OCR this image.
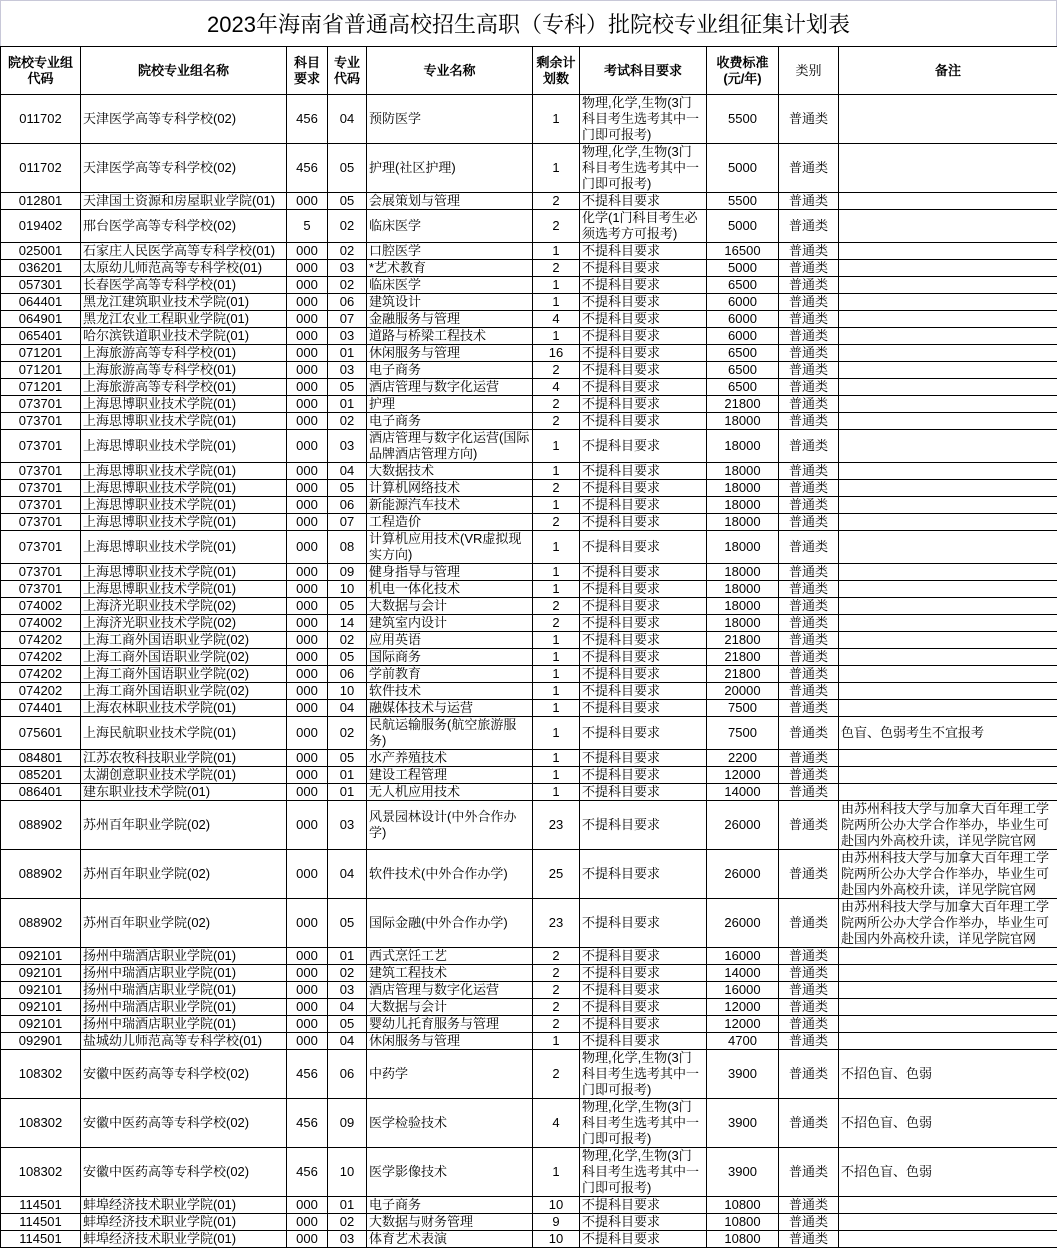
2023年海南省普通高校招生高职（专科）批院校专业组征集计划表
院校专业组代码	院校专业组名称	科目要求	专业代码	专业名称	剩余计划数	考试科目要求	收费标准(元/年)	类别	备注
011702	天津医学高等专科学校(02)	456	04	预防医学	1	物理,化学,生物(3门科目考生选考其中一门即可报考)	5500	普通类	
011702	天津医学高等专科学校(02)	456	05	护理(社区护理)	1	物理,化学,生物(3门科目考生选考其中一门即可报考)	5000	普通类	
012801	天津国土资源和房屋职业学院(01)	000	05	会展策划与管理	2	不提科目要求	5500	普通类	
019402	邢台医学高等专科学校(02)	5	02	临床医学	2	化学(1门科目考生必须选考方可报考)	5000	普通类	
025001	石家庄人民医学高等专科学校(01)	000	02	口腔医学	1	不提科目要求	16500	普通类	
036201	太原幼儿师范高等专科学校(01)	000	03	*艺术教育	2	不提科目要求	5000	普通类	
057301	长春医学高等专科学校(01)	000	02	临床医学	1	不提科目要求	6500	普通类	
064401	黑龙江建筑职业技术学院(01)	000	06	建筑设计	1	不提科目要求	6000	普通类	
064901	黑龙江农业工程职业学院(01)	000	07	金融服务与管理	4	不提科目要求	6000	普通类	
065401	哈尔滨铁道职业技术学院(01)	000	03	道路与桥梁工程技术	1	不提科目要求	6000	普通类	
071201	上海旅游高等专科学校(01)	000	01	休闲服务与管理	16	不提科目要求	6500	普通类	
071201	上海旅游高等专科学校(01)	000	03	电子商务	2	不提科目要求	6500	普通类	
071201	上海旅游高等专科学校(01)	000	05	酒店管理与数字化运营	4	不提科目要求	6500	普通类	
073701	上海思博职业技术学院(01)	000	01	护理	2	不提科目要求	21800	普通类	
073701	上海思博职业技术学院(01)	000	02	电子商务	2	不提科目要求	18000	普通类	
073701	上海思博职业技术学院(01)	000	03	酒店管理与数字化运营(国际品牌酒店管理方向)	1	不提科目要求	18000	普通类	
073701	上海思博职业技术学院(01)	000	04	大数据技术	1	不提科目要求	18000	普通类	
073701	上海思博职业技术学院(01)	000	05	计算机网络技术	2	不提科目要求	18000	普通类	
073701	上海思博职业技术学院(01)	000	06	新能源汽车技术	1	不提科目要求	18000	普通类	
073701	上海思博职业技术学院(01)	000	07	工程造价	2	不提科目要求	18000	普通类	
073701	上海思博职业技术学院(01)	000	08	计算机应用技术(VR虚拟现实方向)	1	不提科目要求	18000	普通类	
073701	上海思博职业技术学院(01)	000	09	健身指导与管理	1	不提科目要求	18000	普通类	
073701	上海思博职业技术学院(01)	000	10	机电一体化技术	1	不提科目要求	18000	普通类	
074002	上海济光职业技术学院(02)	000	05	大数据与会计	2	不提科目要求	18000	普通类	
074002	上海济光职业技术学院(02)	000	14	建筑室内设计	2	不提科目要求	18000	普通类	
074202	上海工商外国语职业学院(02)	000	02	应用英语	1	不提科目要求	21800	普通类	
074202	上海工商外国语职业学院(02)	000	05	国际商务	1	不提科目要求	21800	普通类	
074202	上海工商外国语职业学院(02)	000	06	学前教育	1	不提科目要求	21800	普通类	
074202	上海工商外国语职业学院(02)	000	10	软件技术	1	不提科目要求	20000	普通类	
074401	上海农林职业技术学院(01)	000	04	融媒体技术与运营	1	不提科目要求	7500	普通类	
075601	上海民航职业技术学院(01)	000	02	民航运输服务(航空旅游服务)	1	不提科目要求	7500	普通类	色盲、色弱考生不宜报考
084801	江苏农牧科技职业学院(01)	000	05	水产养殖技术	1	不提科目要求	2200	普通类	
085201	太湖创意职业技术学院(01)	000	01	建设工程管理	1	不提科目要求	12000	普通类	
086401	建东职业技术学院(01)	000	01	无人机应用技术	1	不提科目要求	14000	普通类	
088902	苏州百年职业学院(02)	000	03	风景园林设计(中外合作办学)	23	不提科目要求	26000	普通类	由苏州科技大学与加拿大百年理工学院两所公办大学合作举办，毕业生可赴国内外高校升读，详见学院官网
088902	苏州百年职业学院(02)	000	04	软件技术(中外合作办学)	25	不提科目要求	26000	普通类	由苏州科技大学与加拿大百年理工学院两所公办大学合作举办，毕业生可赴国内外高校升读，详见学院官网
088902	苏州百年职业学院(02)	000	05	国际金融(中外合作办学)	23	不提科目要求	26000	普通类	由苏州科技大学与加拿大百年理工学院两所公办大学合作举办，毕业生可赴国内外高校升读，详见学院官网
092101	扬州中瑞酒店职业学院(01)	000	01	西式烹饪工艺	2	不提科目要求	16000	普通类	
092101	扬州中瑞酒店职业学院(01)	000	02	建筑工程技术	2	不提科目要求	14000	普通类	
092101	扬州中瑞酒店职业学院(01)	000	03	酒店管理与数字化运营	2	不提科目要求	16000	普通类	
092101	扬州中瑞酒店职业学院(01)	000	04	大数据与会计	2	不提科目要求	12000	普通类	
092101	扬州中瑞酒店职业学院(01)	000	05	婴幼儿托育服务与管理	2	不提科目要求	12000	普通类	
092901	盐城幼儿师范高等专科学校(01)	000	04	休闲服务与管理	1	不提科目要求	4700	普通类	
108302	安徽中医药高等专科学校(02)	456	06	中药学	2	物理,化学,生物(3门科目考生选考其中一门即可报考)	3900	普通类	不招色盲、色弱
108302	安徽中医药高等专科学校(02)	456	09	医学检验技术	4	物理,化学,生物(3门科目考生选考其中一门即可报考)	3900	普通类	不招色盲、色弱
108302	安徽中医药高等专科学校(02)	456	10	医学影像技术	1	物理,化学,生物(3门科目考生选考其中一门即可报考)	3900	普通类	不招色盲、色弱
114501	蚌埠经济技术职业学院(01)	000	01	电子商务	10	不提科目要求	10800	普通类	
114501	蚌埠经济技术职业学院(01)	000	02	大数据与财务管理	9	不提科目要求	10800	普通类	
114501	蚌埠经济技术职业学院(01)	000	03	体育艺术表演	10	不提科目要求	10800	普通类	
